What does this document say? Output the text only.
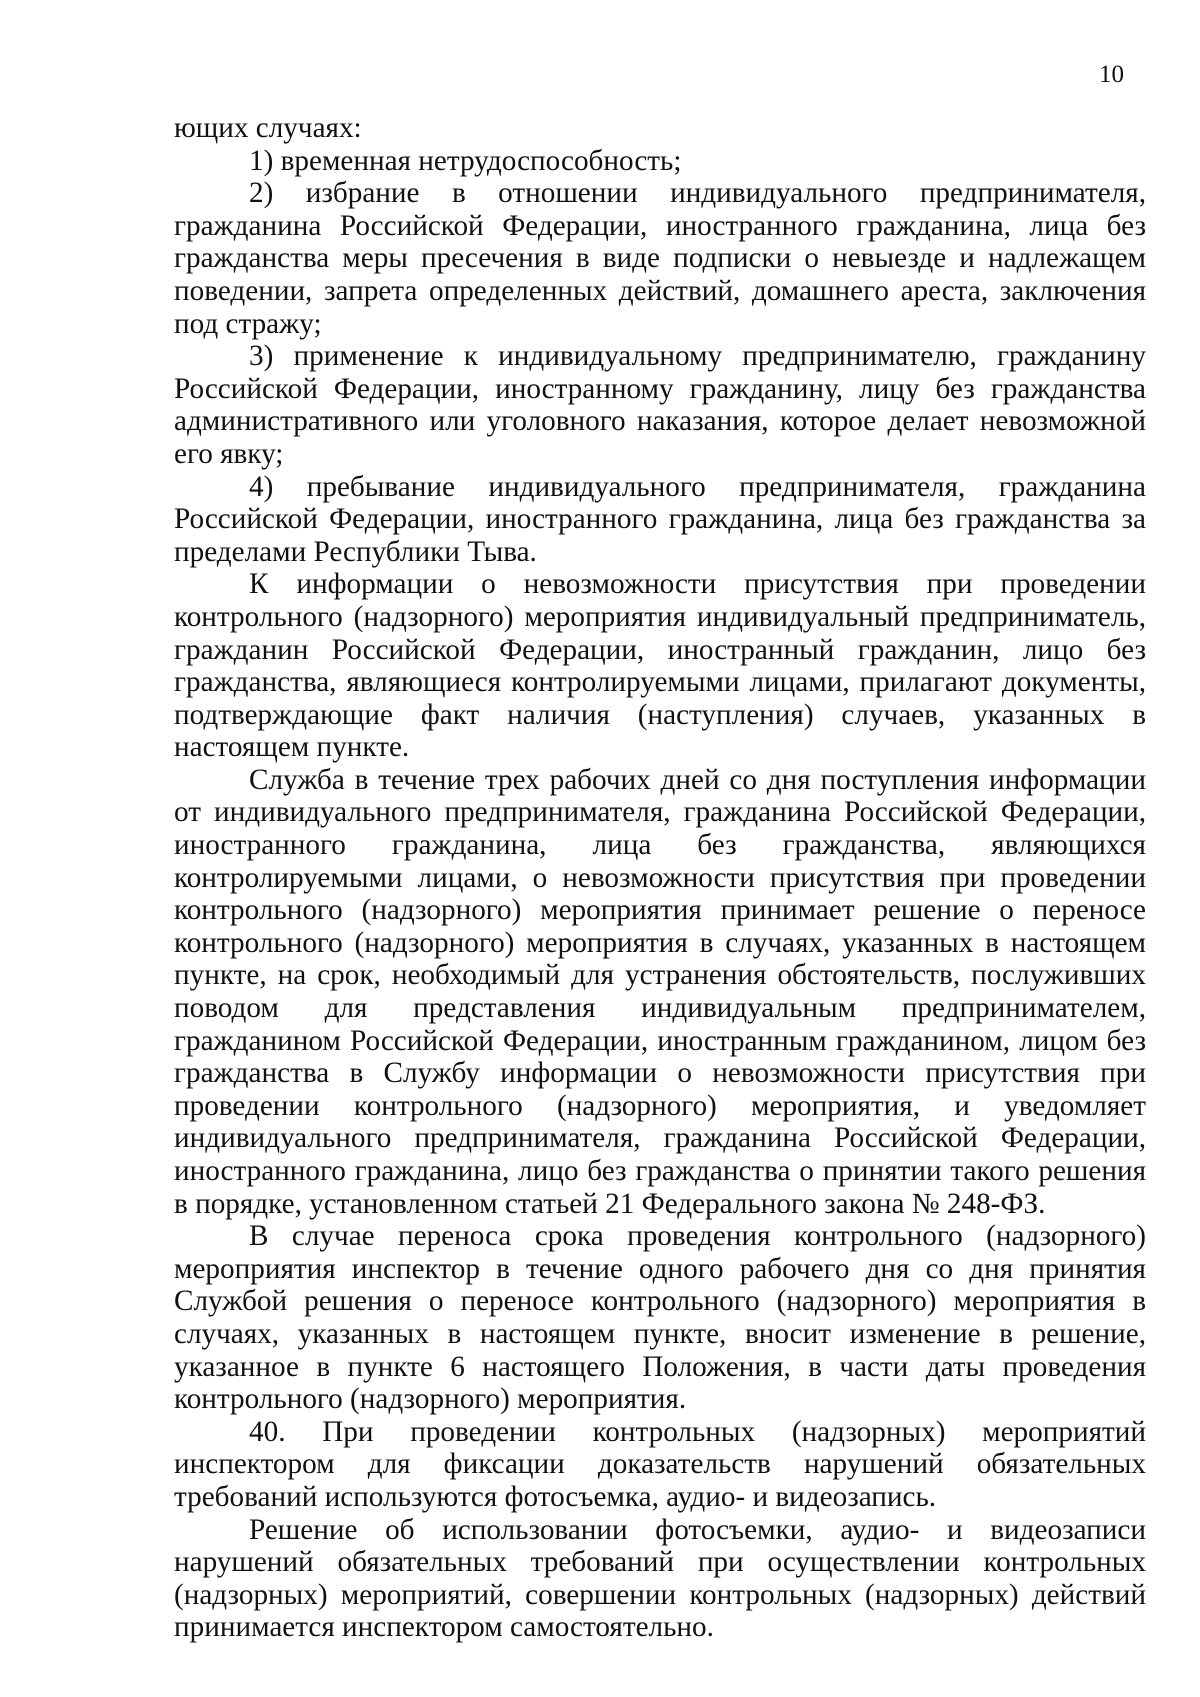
10

ющих случаях:

1) временная нетрудоспособность;

2) избрание в отношении индивидуального предпринимателя, гражданина Российской Федерации, иностранного гражданина, лица без гражданства меры пресечения в виде подписки о невыезде и надлежащем поведении, запрета определенных действий, домашнего ареста, заключения под стражу;

3) применение к индивидуальному предпринимателю, гражданину Российской Федерации, иностранному гражданину, лицу без гражданства административного или уголовного наказания, которое делает невозможной его явку;

4) пребывание индивидуального предпринимателя, гражданина Российской Федерации, иностранного гражданина, лица без гражданства за пределами Республики Тыва.

К информации о невозможности присутствия при проведении контрольного (надзорного) мероприятия индивидуальный предприниматель, гражданин Российской Федерации, иностранный гражданин, лицо без гражданства, являющиеся контролируемыми лицами, прилагают документы, подтверждающие факт наличия (наступления) случаев, указанных в настоящем пункте.

Служба в течение трех рабочих дней со дня поступления информации от индивидуального предпринимателя, гражданина Российской Федерации, иностранного гражданина, лица без гражданства, являющихся контролируемыми лицами, о невозможности присутствия при проведении контрольного (надзорного) мероприятия принимает решение о переносе контрольного (надзорного) мероприятия в случаях, указанных в настоящем пункте, на срок, необходимый для устранения обстоятельств, послуживших поводом для представления индивидуальным предпринимателем, гражданином Российской Федерации, иностранным гражданином, лицом без гражданства в Службу информации о невозможности присутствия при проведении контрольного (надзорного) мероприятия, и уведомляет индивидуального предпринимателя, гражданина Российской Федерации, иностранного гражданина, лицо без гражданства о принятии такого решения в порядке, установленном статьей 21 Федерального закона № 248-ФЗ.

В случае переноса срока проведения контрольного (надзорного) мероприятия инспектор в течение одного рабочего дня со дня принятия Службой решения о переносе контрольного (надзорного) мероприятия в случаях, указанных в настоящем пункте, вносит изменение в решение, указанное в пункте 6 настоящего Положения, в части даты проведения контрольного (надзорного) мероприятия.

40. При проведении контрольных (надзорных) мероприятий инспектором для фиксации доказательств нарушений обязательных требований используются фотосъемка, аудио- и видеозапись.

Решение об использовании фотосъемки, аудио- и видеозаписи нарушений обязательных требований при осуществлении контрольных (надзорных) мероприятий, совершении контрольных (надзорных) действий принимается инспектором самостоятельно.
